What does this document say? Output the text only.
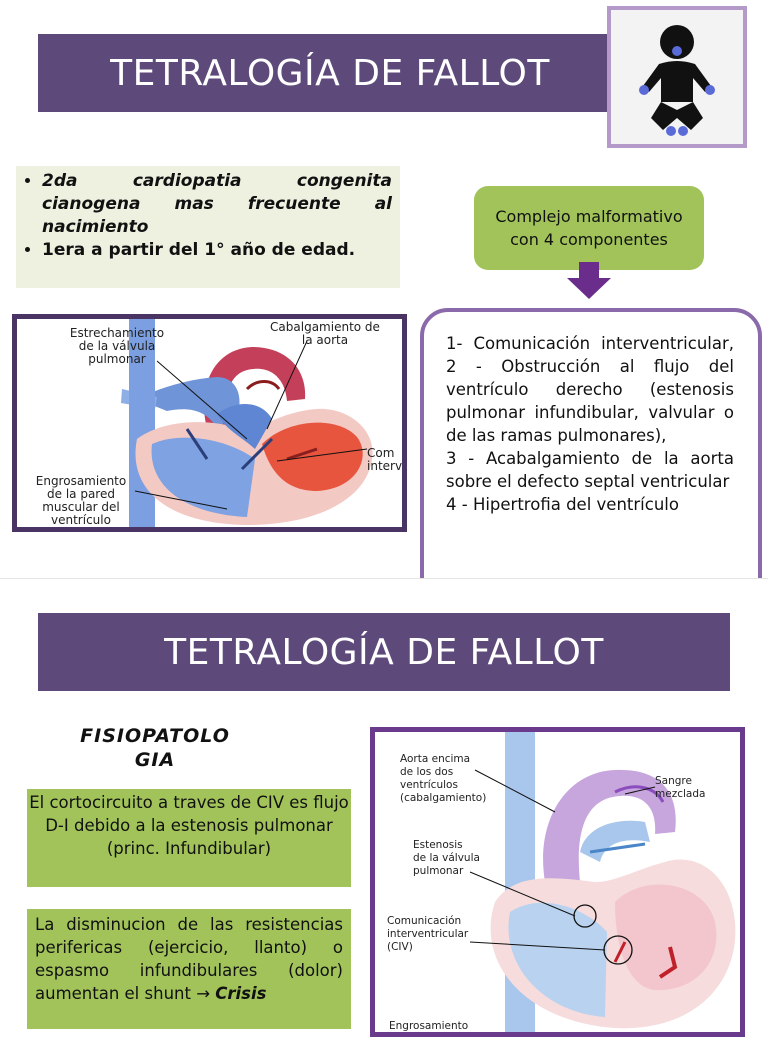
TETRALOGÍA DE FALLOT
• 2da cardiopatia congenita cianogena mas frecuente al nacimiento
• 1era a partir del 1° año de edad.
Complejo malformativo con 4 componentes
Estrechamiento
de la válvula
pulmonar
Cabalgamiento de
la aorta
Engrosamiento
de la pared
muscular del
ventrículo
Com
interv

1- Comunicación interventricular,

2 - Obstrucción al flujo del ventrículo derecho (estenosis pulmonar infundibular, valvular o de las ramas pulmonares),

3 - Acabalgamiento de la aorta sobre el defecto septal ventricular

4 - Hipertrofia del ventrículo

TETRALOGÍA DE FALLOT
FISIOPATOLO
GIA
El cortocircuito a traves de CIV es flujo D-I debido a la estenosis pulmonar (princ. Infundibular)
La disminucion de las resistencias perifericas (ejercicio, llanto) o espasmo infundibulares (dolor) aumentan el shunt → Crisis
Aorta encima
de los dos
ventrículos
(cabalgamiento)
Sangre
mezclada
Estenosis
de la válvula
pulmonar
Comunicación
interventricular
(CIV)
Engrosamiento
